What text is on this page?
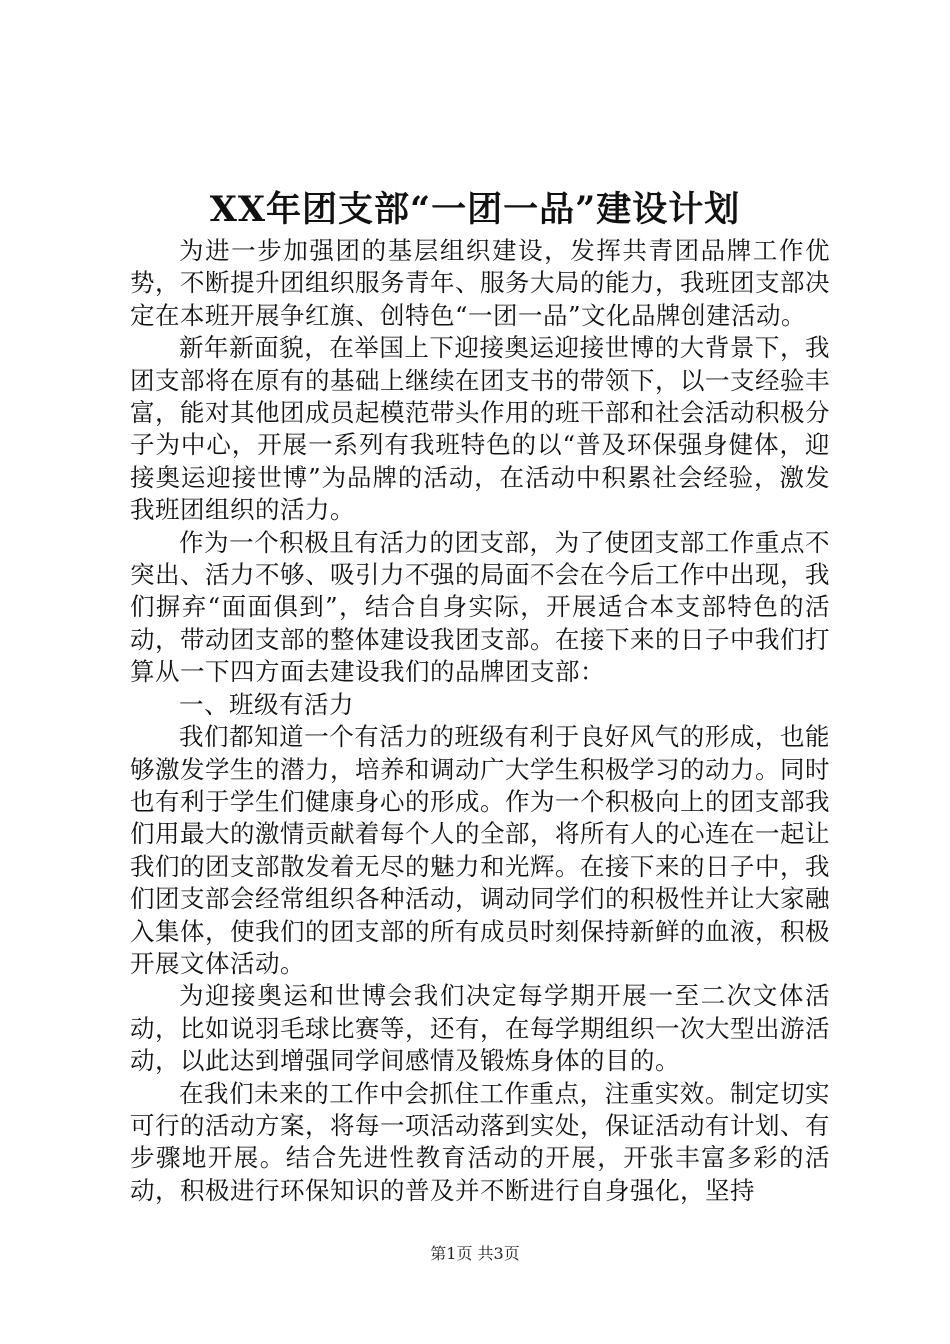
XX年团支部“一团一品”建设计划

为进一步加强团的基层组织建设，发挥共青团品牌工作优势，不断提升团组织服务青年、服务大局的能力，我班团支部决定在本班开展争红旗、创特色“一团一品”文化品牌创建活动。

新年新面貌，在举国上下迎接奥运迎接世博的大背景下，我团支部将在原有的基础上继续在团支书的带领下，以一支经验丰富，能对其他团成员起模范带头作用的班干部和社会活动积极分子为中心，开展一系列有我班特色的以“普及环保强身健体，迎接奥运迎接世博”为品牌的活动，在活动中积累社会经验，激发我班团组织的活力。

作为一个积极且有活力的团支部，为了使团支部工作重点不突出、活力不够、吸引力不强的局面不会在今后工作中出现，我们摒弃“面面俱到”，结合自身实际，开展适合本支部特色的活动，带动团支部的整体建设我团支部。在接下来的日子中我们打算从一下四方面去建设我们的品牌团支部：

一、班级有活力

我们都知道一个有活力的班级有利于良好风气的形成，也能够激发学生的潜力，培养和调动广大学生积极学习的动力。同时也有利于学生们健康身心的形成。作为一个积极向上的团支部我们用最大的激情贡献着每个人的全部，将所有人的心连在一起让我们的团支部散发着无尽的魅力和光辉。在接下来的日子中，我们团支部会经常组织各种活动，调动同学们的积极性并让大家融入集体，使我们的团支部的所有成员时刻保持新鲜的血液，积极开展文体活动。

为迎接奥运和世博会我们决定每学期开展一至二次文体活动，比如说羽毛球比赛等，还有，在每学期组织一次大型出游活动，以此达到增强同学间感情及锻炼身体的目的。

在我们未来的工作中会抓住工作重点，注重实效。制定切实可行的活动方案，将每一项活动落到实处，保证活动有计划、有步骤地开展。结合先进性教育活动的开展，开张丰富多彩的活动，积极进行环保知识的普及并不断进行自身强化，坚持

第1页 共3页
